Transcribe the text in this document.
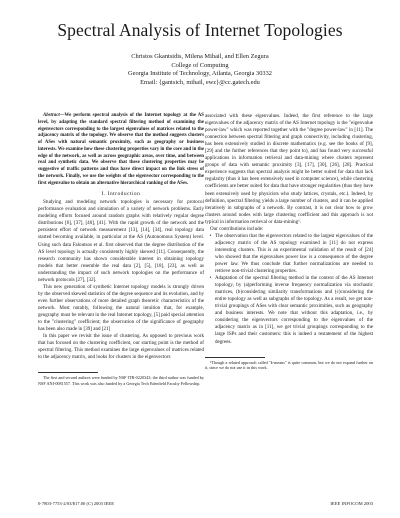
Spectral Analysis of Internet Topologies
Christos Gkantsidis, Milena Mihail, and Ellen Zegura
College of Computing
Georgia Institute of Technology, Atlanta, Georgia 30332
Email: {gantsich, mihail, ewz}@cc.gatech.edu

Abstract—We perform spectral analysis of the Internet topology at the AS level, by adapting the standard spectral filtering method of examining the eigenvectors corresponding to the largest eigenvalues of matrices related to the adjacency matrix of the topology. We observe that the method suggests clusters of ASes with natural semantic proximity, such as geography or business interests. We examine how these clustering properties vary in the core and in the edge of the network, as well as across geographic areas, over time, and between real and synthetic data. We observe that these clustering properties may be suggestive of traffic patterns and thus have direct impact on the link stress of the network. Finally, we use the weights of the eigenvector corresponding to the first eigenvalue to obtain an alternative hierarchical ranking of the ASes.

I. Introduction

Studying and modeling network topologies is necessary for protocol performance evaluation and simulation of a variety of network problems. Early modeling efforts focused around random graphs with relatively regular degree distributions [6], [37], [40], [41]. With the rapid growth of the network and the persistent effort of network measurement [13], [14], [34], real topology data started becoming available, in particular at the AS (Autonomous System) level. Using such data Faloutsos et al. first observed that the degree distribution of the AS level topology is actually consistently highly skewed [11]. Consequently, the research community has shown considerable interest in obtaining topology models that better resemble the real data [2], [5], [18], [23], as well as understanding the impact of such network topologies on the performance of network protocols [27], [32].

This new generation of synthetic Internet topology models is strongly driven by the observed skewed statistics of the degree sequence and its evolution, and by even further observations of more detailed graph theoretic characteristics of the network. Most notably, following the natural intuition that, for example, geography must be relevant in the real Internet topology, [5] paid special attention to the "clustering" coefficient; the observation of the significance of geography has been also made in [39] and [21]

In this paper we revisit the issue of clustering. As opposed to previous work that has focused on the clustering coefficient, our starting point is the method of spectral filtering. This method examines the large eigenvalues of matrices related to the adjacency matrix, and looks for clusters in the eigenvectors

The first and second authors were funded by NSF ITR-0220343; the third author was funded by NSF ANI-0081557. This work was also funded by a Georgia Tech Edenfield Faculty Fellowship.

associated with these eigenvalues. Indeed, the first reference to the large eigenvalues of the adjacency matrix of the AS Internet topology is the "eigenvalue power-law" which was reported together with the "degree power-law" in [11]. The connection between spectral filtering and graph connectivity, including clustering, has been extensively studied in discrete mathematics (e.g. see the books of [9], [29] and the further references that they point to), and has found very successful applications in information retrieval and data-mining where clusters represent groups of data with semantic proximity [3], [17], [30], [26], [28]. Practical experience suggests that spectral analysis might be better suited for data that lack regularity (thus it has been extensively used in computer science), while clustering coefficients are better suited for data that have stronger regularities (thus they have been extensively used by physicists who study lattices, crystals, etc.). Indeed, by definition, spectral filtering yields a large number of clusters, and it can be applied iteratively in subgraphs of a network. By contrast, it is not clear how to grow clusters around nodes with large clustering coefficient and this approach is not typical in information retrieval or data-mining¹.

Our contributions include:

• The observation that the eigenvectors related to the largest eigenvalues of the adjacency matrix of the AS topology examined in [11] do not express interesting clusters. This is an experimental validation of the result of [24] who showed that the eigenvalues power law is a consequence of the degree power law. We thus conclude that further normalizations are needed to retrieve non-trivial clustering properties.
• Adaptation of the spectral filtering method in the context of the AS Internet topology, by (a)performing inverse frequency normalization via stochastic matrices, (b)considering similarity transformations and (c)considering the entire topology as well as subgraphs of the topology. As a result, we get non-trivial groupings of ASes with clear semantic proximities, such as geography and business interests. We note that without this adaptation, i.e., by considering the eigenvectors corresponding to the eigenvalues of the adjacency matrix as in [11], we get trivial groupings corresponding to the large ISPs and their customers: this is indeed a restatement of the highest degrees.

¹Though a related approach called "k-means" is quite common, but we do not expand further on it, since we do not use it in this work.

0-7803-7753-2/03/$17.00 (C) 2003 IEEE	IEEE INFOCOM 2003
